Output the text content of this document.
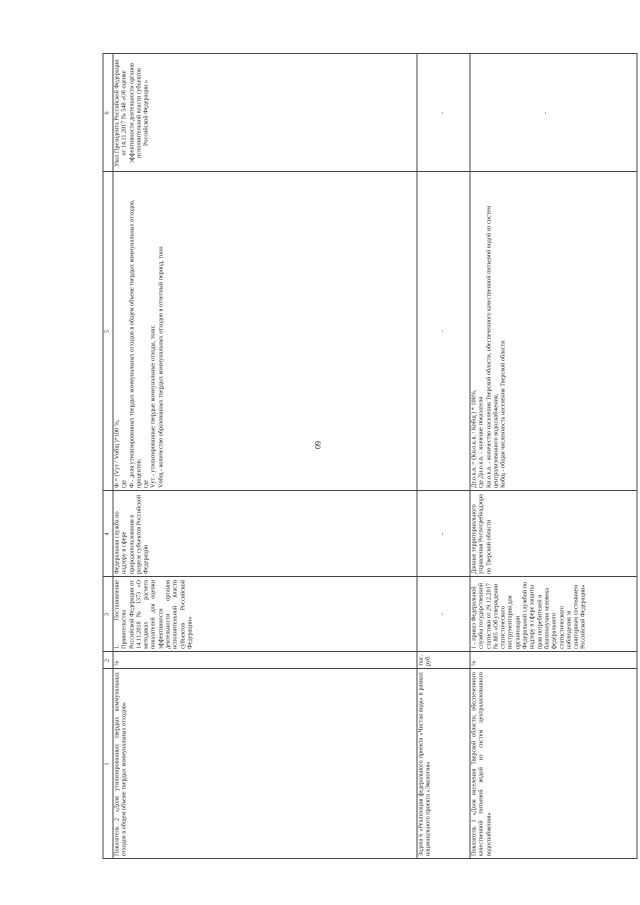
60
1
2
3
4
5
6
Показатель 2 «Доля утилизированных твердых коммунальных отходов в общем объеме твердых коммунальных отходов»
%
1. Постановление Правительства Российской Федерации от 14.11.2018 № 1373 «О методиках расчета показателей для оценки эффективности деятельности органов исполнительной власти субъектов Российской Федерации»
Федеральная служба по надзору в сфере природопользования в разрезе субъектов Российской Федерации
Ф = (Vут / Vобщ )*100 %,
где
Ф - доля утилизированных твердых коммунальных отходов в общем объеме твердых коммунальных отходов, процентов;
где
Vут - утилизированные твердые коммунальные отходы, тонн;
Vобщ - количество образованных твердых коммунальных отходов в отчетный период, тонн
Указ Президента Российской Федерации от 14.11.2017 № 548 «Об оценке эффективности деятельности органов исполнительной власти субъектов Российской Федерации »
Задача 6 «Реализация федерального проекта «Чистая вода» в рамках национального проекта «Экология»
тыс. руб.
-
-
-
-
Показатель 1 «Доля населения Тверской области, обеспеченного качественной питьевой водой из систем централизованного водоснабжения»
%
1 - приказ Федеральной службы государственной статистики от 29.12.2017 № 885 «Об утверждении статистического инструментария для организации Федеральной службой по надзору в сфере защиты прав потребителей и благополучия человека федерального статистического наблюдения за санитарным состоянием Российской Федерации»
Данные территориального управления Роспотребнадзора по Тверской области
Дт.о.к.в. = (Кн.о.к.в. / Кобщ ) * 100%,
где Дн.о.к.в. - значение показателя
Кн.о.к.в. - количество населения Тверской области, обеспеченного качественной питьевой водой из систем централизованного водоснабжения,
Кобщ - общая численность населения Тверской области
-
